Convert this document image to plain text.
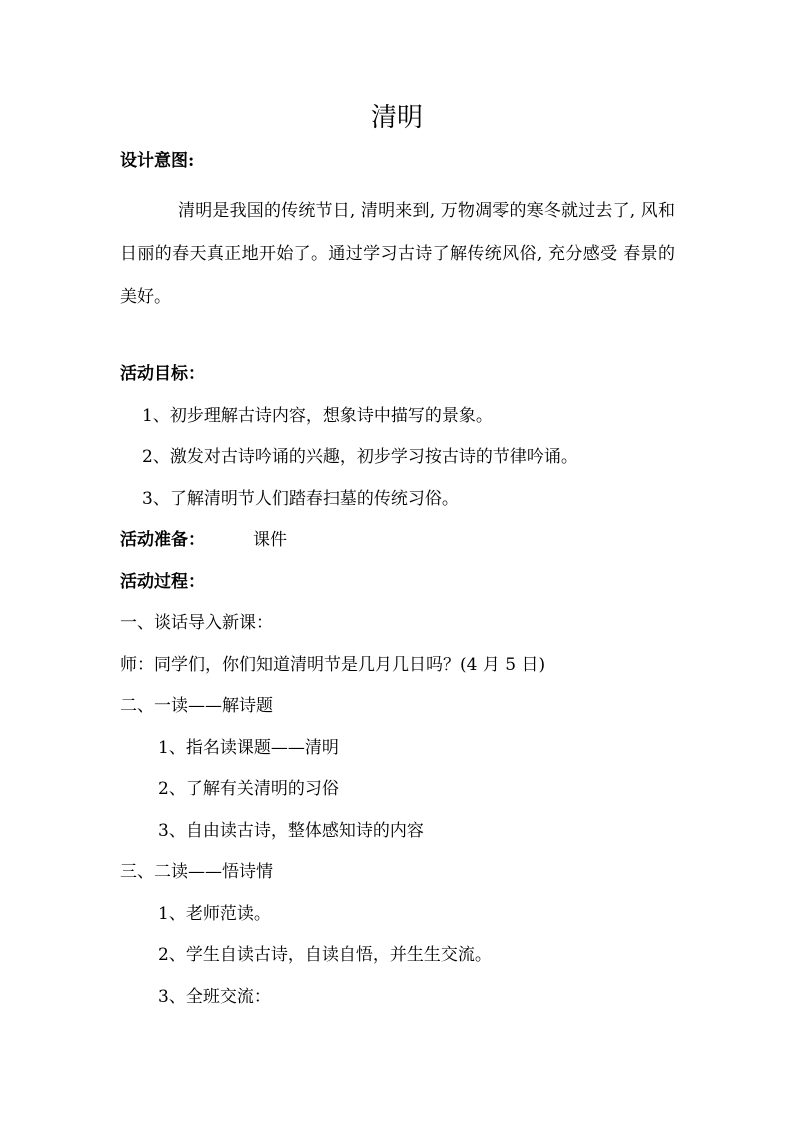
清明
设计意图:

清明是我国的传统节日, 清明来到, 万物凋零的寒冬就过去了, 风和日丽的春天真正地开始了。通过学习古诗了解传统风俗, 充分感受 春景的美好。

活动目标：
1、初步理解古诗内容，想象诗中描写的景象。
2、激发对古诗吟诵的兴趣，初步学习按古诗的节律吟诵。
3、了解清明节人们踏春扫墓的传统习俗。
活动准备：	课件
活动过程：
一、谈话导入新课：
师：同学们，你们知道清明节是几月几日吗？(4 月 5 日)
二、一读——解诗题
1、指名读课题——清明
2、了解有关清明的习俗
3、自由读古诗，整体感知诗的内容
三、二读——悟诗情
1、老师范读。
2、学生自读古诗，自读自悟，并生生交流。
3、全班交流：
